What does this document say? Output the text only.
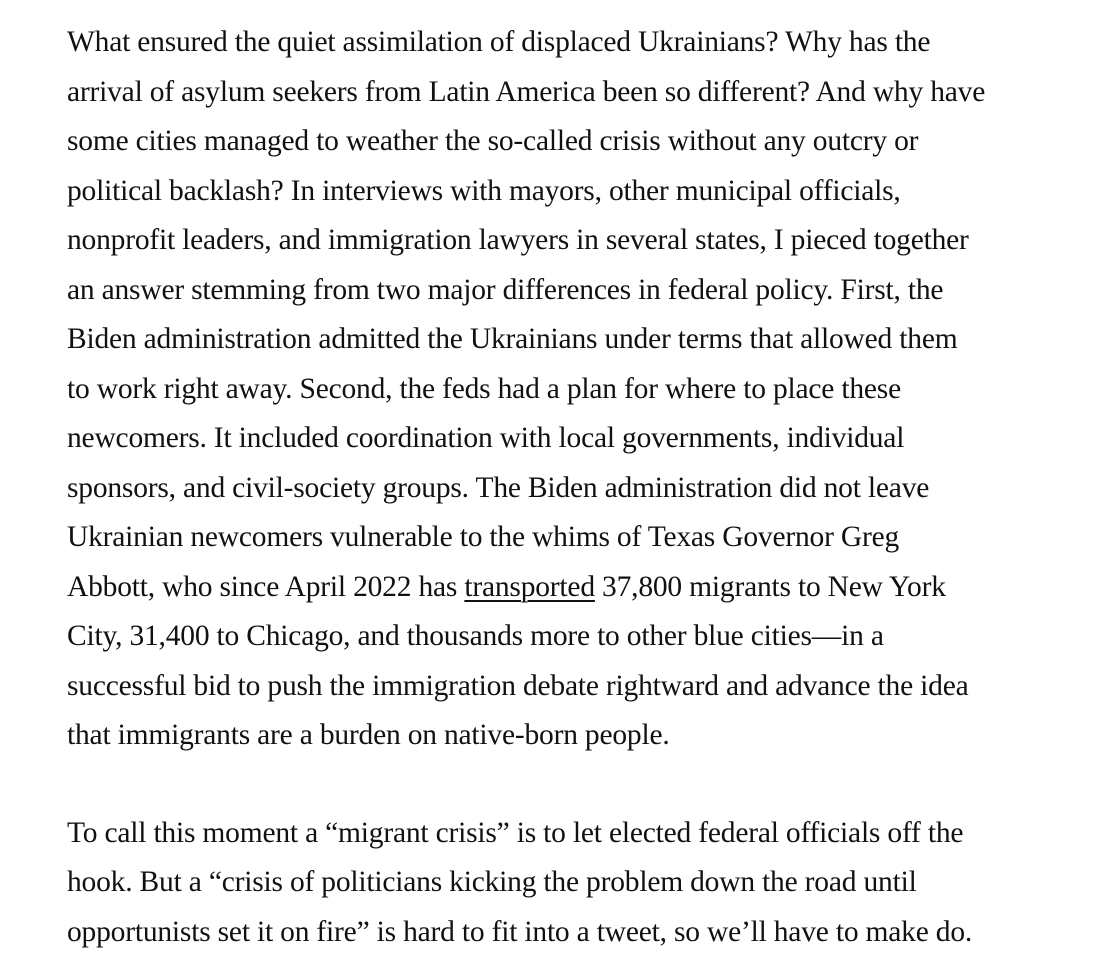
What ensured the quiet assimilation of displaced Ukrainians? Why has the
arrival of asylum seekers from Latin America been so different? And why have
some cities managed to weather the so-called crisis without any outcry or
political backlash? In interviews with mayors, other municipal officials,
nonprofit leaders, and immigration lawyers in several states, I pieced together
an answer stemming from two major differences in federal policy. First, the
Biden administration admitted the Ukrainians under terms that allowed them
to work right away. Second, the feds had a plan for where to place these
newcomers. It included coordination with local governments, individual
sponsors, and civil-society groups. The Biden administration did not leave
Ukrainian newcomers vulnerable to the whims of Texas Governor Greg
Abbott, who since April 2022 has transported 37,800 migrants to New York
City, 31,400 to Chicago, and thousands more to other blue cities—in a
successful bid to push the immigration debate rightward and advance the idea
that immigrants are a burden on native-born people.

To call this moment a “migrant crisis” is to let elected federal officials off the
hook. But a “crisis of politicians kicking the problem down the road until
opportunists set it on fire” is hard to fit into a tweet, so we’ll have to make do.
